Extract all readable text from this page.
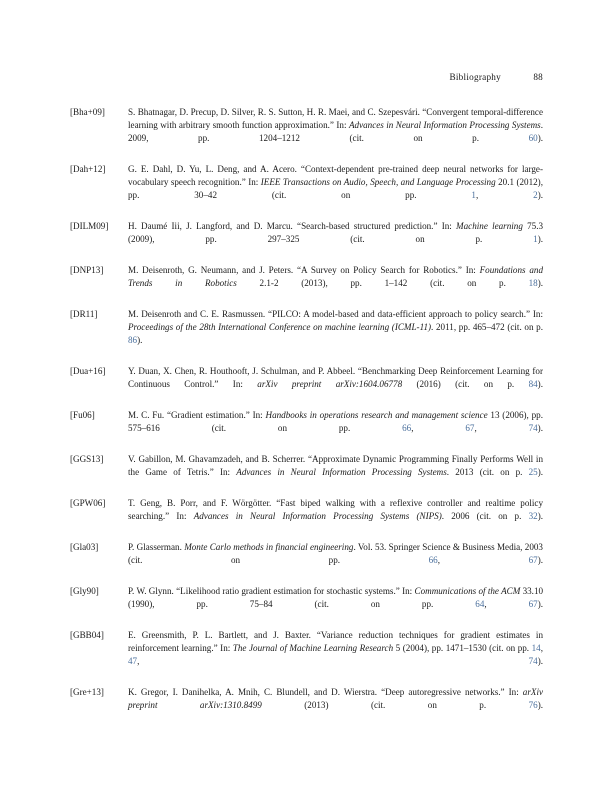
Bibliography	88
[Bha+09]	S. Bhatnagar, D. Precup, D. Silver, R. S. Sutton, H. R. Maei, and C. Szepesvári. “Convergent temporal-difference learning with arbitrary smooth function approximation.” In: Advances in Neural Information Processing Systems. 2009, pp. 1204–1212	(cit. on p.	60).
[Dah+12]	G. E. Dahl, D. Yu, L. Deng, and A. Acero. “Context-dependent pre-trained deep neural networks for large-vocabulary speech recognition.” In: IEEE Transactions on Audio, Speech, and Language Processing 20.1 (2012), pp. 30–42	(cit. on pp.	1,	2).
[DILM09]	H. Daumé Iii, J. Langford, and D. Marcu. “Search-based structured prediction.” In: Machine learning 75.3 (2009), pp. 297–325	(cit. on p.	1).
[DNP13]	M. Deisenroth, G. Neumann, and J. Peters. “A Survey on Policy Search for Robotics.” In: Foundations and Trends in Robotics 2.1-2 (2013), pp. 1–142	(cit. on p.	18).
[DR11]	M. Deisenroth and C. E. Rasmussen. “PILCO: A model-based and data-efficient approach to policy search.” In: Proceedings of the 28th International Conference on machine learning (ICML-11). 2011, pp. 465–472 (cit. on p. 86).
[Dua+16]	Y. Duan, X. Chen, R. Houthooft, J. Schulman, and P. Abbeel. “Benchmarking Deep Reinforcement Learning for Continuous Control.” In: arXiv preprint arXiv:1604.06778 (2016) (cit. on p. 84).
[Fu06]	M. C. Fu. “Gradient estimation.” In: Handbooks in operations research and management science 13 (2006), pp. 575–616	(cit. on pp.	66,	67,	74).
[GGS13]	V. Gabillon, M. Ghavamzadeh, and B. Scherrer. “Approximate Dynamic Programming Finally Performs Well in the Game of Tetris.” In: Advances in Neural Information Processing Systems. 2013 (cit. on p. 25).
[GPW06]	T. Geng, B. Porr, and F. Wörgötter. “Fast biped walking with a reflexive controller and realtime policy searching.” In: Advances in Neural Information Processing Systems (NIPS). 2006 (cit. on p. 32).
[Gla03]	P. Glasserman. Monte Carlo methods in financial engineering. Vol. 53. Springer Science & Business Media, 2003 (cit. on pp.	66,	67).
[Gly90]	P. W. Glynn. “Likelihood ratio gradient estimation for stochastic systems.” In: Communications of the ACM 33.10 (1990), pp. 75–84	(cit. on pp.	64,	67).
[GBB04]	E. Greensmith, P. L. Bartlett, and J. Baxter. “Variance reduction techniques for gradient estimates in reinforcement learning.” In: The Journal of Machine Learning Research 5 (2004), pp. 1471–1530 (cit. on pp. 14, 47,	74).
[Gre+13]	K. Gregor, I. Danihelka, A. Mnih, C. Blundell, and D. Wierstra. “Deep autoregressive networks.” In: arXiv preprint arXiv:1310.8499 (2013)	(cit. on p.	76).
